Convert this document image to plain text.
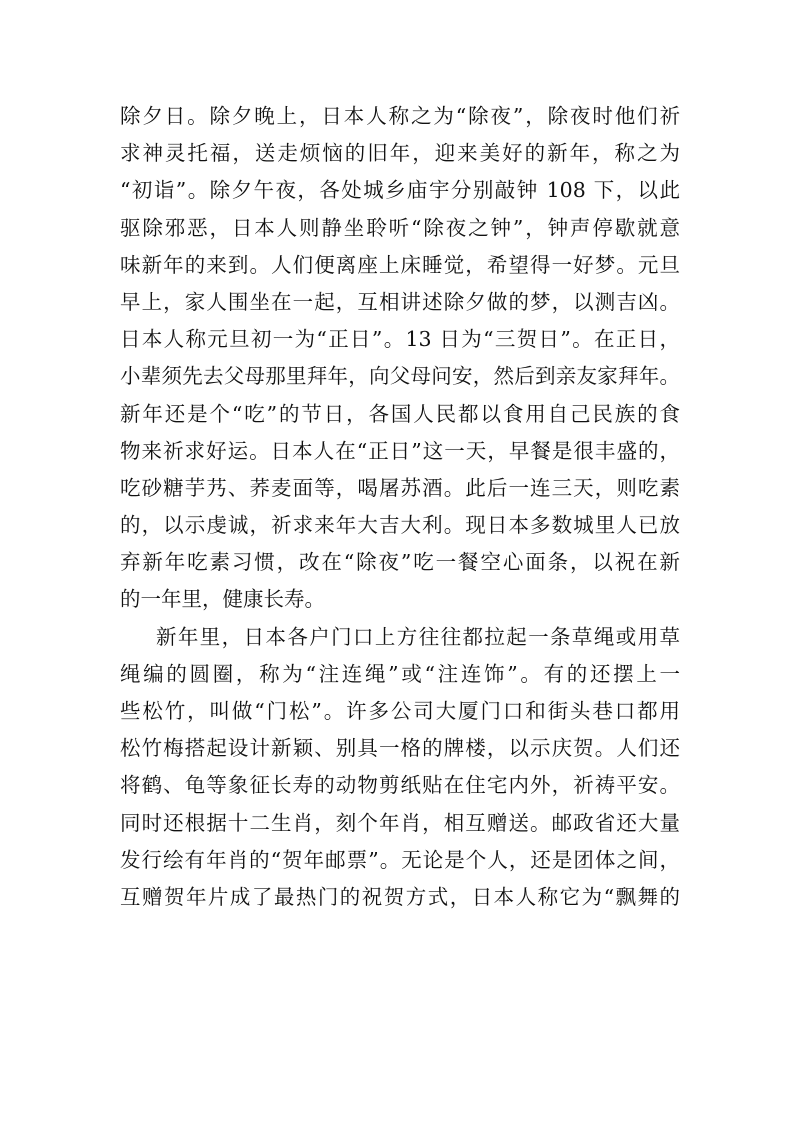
除夕日。除夕晚上，日本人称之为“除夜”，除夜时他们祈
求神灵托福，送走烦恼的旧年，迎来美好的新年，称之为
“初诣”。除夕午夜，各处城乡庙宇分别敲钟 108 下，以此
驱除邪恶，日本人则静坐聆听“除夜之钟”，钟声停歇就意
味新年的来到。人们便离座上床睡觉，希望得一好梦。元旦
早上，家人围坐在一起，互相讲述除夕做的梦，以测吉凶。
日本人称元旦初一为“正日”。13 日为“三贺日”。在正日，
小辈须先去父母那里拜年，向父母问安，然后到亲友家拜年。
新年还是个“吃”的节日，各国人民都以食用自己民族的食
物来祈求好运。日本人在“正日”这一天，早餐是很丰盛的，
吃砂糖芋艿、荞麦面等，喝屠苏酒。此后一连三天，则吃素
的，以示虔诚，祈求来年大吉大利。现日本多数城里人已放
弃新年吃素习惯，改在“除夜”吃一餐空心面条，以祝在新
的一年里，健康长寿。
新年里，日本各户门口上方往往都拉起一条草绳或用草
绳编的圆圈，称为“注连绳”或“注连饰”。有的还摆上一
些松竹，叫做“门松”。许多公司大厦门口和街头巷口都用
松竹梅搭起设计新颖、别具一格的牌楼，以示庆贺。人们还
将鹤、龟等象征长寿的动物剪纸贴在住宅内外，祈祷平安。
同时还根据十二生肖，刻个年肖，相互赠送。邮政省还大量
发行绘有年肖的“贺年邮票”。无论是个人，还是团体之间，
互赠贺年片成了最热门的祝贺方式，日本人称它为“飘舞的
